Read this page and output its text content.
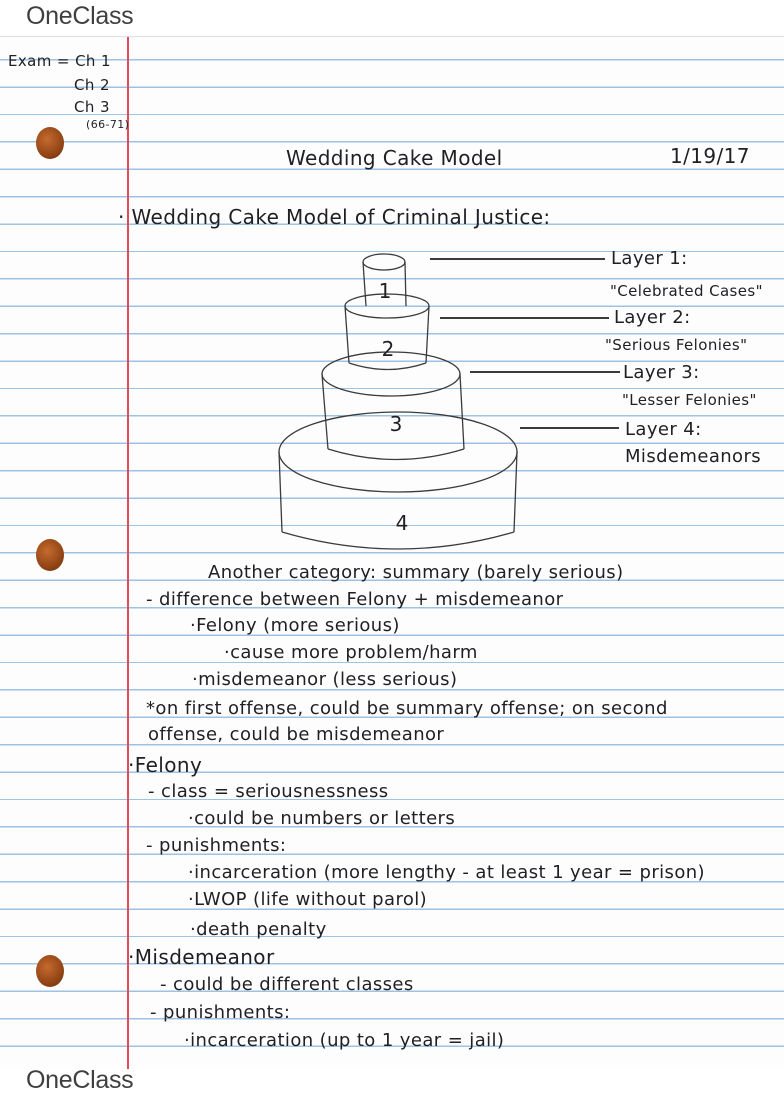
OneClass
Exam = Ch 1
Ch 2
Ch 3
(66-71)
Wedding Cake Model	1/19/17
· Wedding Cake Model of Criminal Justice:
1
2
3
4
Layer 1:
"Celebrated Cases"
Layer 2:
"Serious Felonies"
Layer 3:
"Lesser Felonies"
Layer 4:
Misdemeanors
Another category: summary (barely serious)
- difference between Felony + misdemeanor
·Felony (more serious)
·cause more problem/harm
·misdemeanor (less serious)
*on first offense, could be summary offense; on second
offense, could be misdemeanor
·Felony
- class = seriousnessness
·could be numbers or letters
- punishments:
·incarceration (more lengthy - at least 1 year = prison)
·LWOP (life without parol)
·death penalty
·Misdemeanor
- could be different classes
- punishments:
·incarceration (up to 1 year = jail)
OneClass
